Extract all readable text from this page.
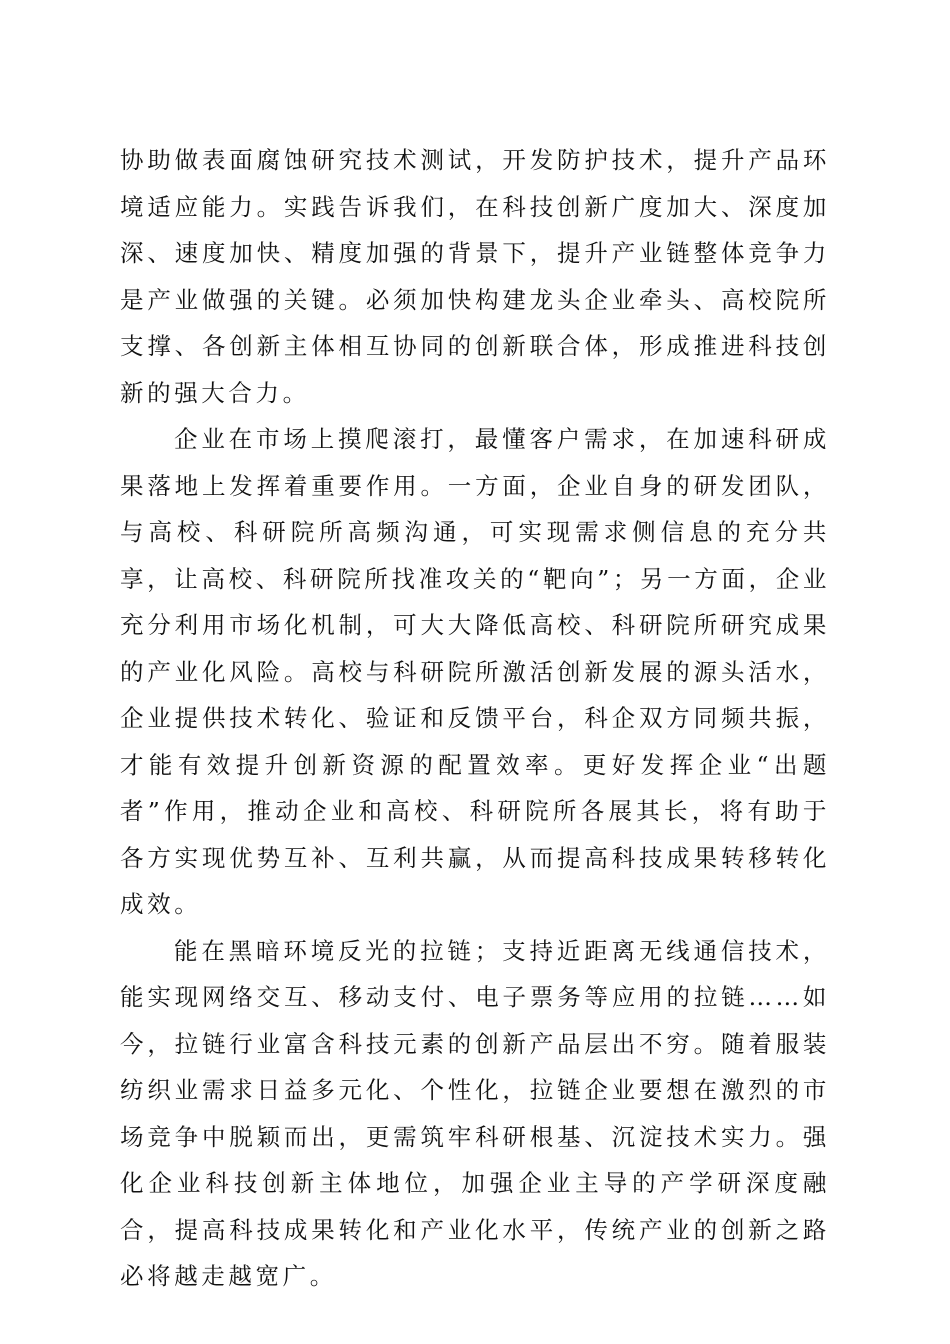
协助做表面腐蚀研究技术测试，开发防护技术，提升产品环境适应能力。实践告诉我们，在科技创新广度加大、深度加深、速度加快、精度加强的背景下，提升产业链整体竞争力是产业做强的关键。必须加快构建龙头企业牵头、高校院所支撑、各创新主体相互协同的创新联合体，形成推进科技创新的强大合力。

企业在市场上摸爬滚打，最懂客户需求，在加速科研成果落地上发挥着重要作用。一方面，企业自身的研发团队，与高校、科研院所高频沟通，可实现需求侧信息的充分共享，让高校、科研院所找准攻关的“靶向”；另一方面，企业充分利用市场化机制，可大大降低高校、科研院所研究成果的产业化风险。高校与科研院所激活创新发展的源头活水，企业提供技术转化、验证和反馈平台，科企双方同频共振，才能有效提升创新资源的配置效率。更好发挥企业“出题者”作用，推动企业和高校、科研院所各展其长，将有助于各方实现优势互补、互利共赢，从而提高科技成果转移转化成效。

能在黑暗环境反光的拉链；支持近距离无线通信技术，能实现网络交互、移动支付、电子票务等应用的拉链……如今，拉链行业富含科技元素的创新产品层出不穷。随着服装纺织业需求日益多元化、个性化，拉链企业要想在激烈的市场竞争中脱颖而出，更需筑牢科研根基、沉淀技术实力。强化企业科技创新主体地位，加强企业主导的产学研深度融合，提高科技成果转化和产业化水平，传统产业的创新之路必将越走越宽广。
